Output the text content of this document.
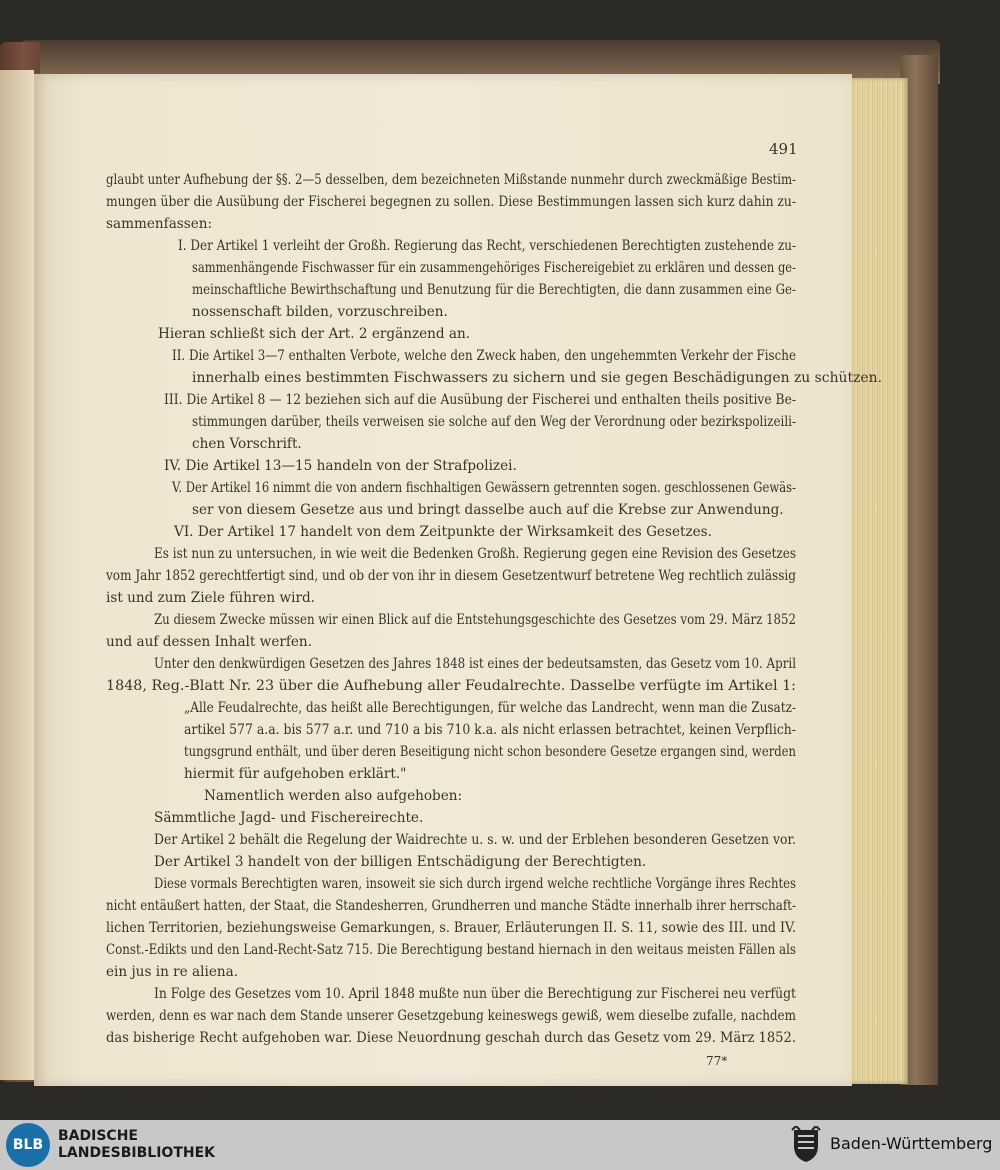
491
glaubt unter Aufhebung der §§. 2—5 desselben, dem bezeichneten Mißstande nunmehr durch zweckmäßige Bestim-
mungen über die Ausübung der Fischerei begegnen zu sollen. Diese Bestimmungen lassen sich kurz dahin zu-
sammenfassen:
I. Der Artikel 1 verleiht der Großh. Regierung das Recht, verschiedenen Berechtigten zustehende zu-
sammenhängende Fischwasser für ein zusammengehöriges Fischereigebiet zu erklären und dessen ge-
meinschaftliche Bewirthschaftung und Benutzung für die Berechtigten, die dann zusammen eine Ge-
nossenschaft bilden, vorzuschreiben.
Hieran schließt sich der Art. 2 ergänzend an.
II. Die Artikel 3—7 enthalten Verbote, welche den Zweck haben, den ungehemmten Verkehr der Fische
innerhalb eines bestimmten Fischwassers zu sichern und sie gegen Beschädigungen zu schützen.
III. Die Artikel 8 — 12 beziehen sich auf die Ausübung der Fischerei und enthalten theils positive Be-
stimmungen darüber, theils verweisen sie solche auf den Weg der Verordnung oder bezirkspolizeili-
chen Vorschrift.
IV. Die Artikel 13—15 handeln von der Strafpolizei.
V. Der Artikel 16 nimmt die von andern fischhaltigen Gewässern getrennten sogen. geschlossenen Gewäs-
ser von diesem Gesetze aus und bringt dasselbe auch auf die Krebse zur Anwendung.
VI. Der Artikel 17 handelt von dem Zeitpunkte der Wirksamkeit des Gesetzes.
Es ist nun zu untersuchen, in wie weit die Bedenken Großh. Regierung gegen eine Revision des Gesetzes
vom Jahr 1852 gerechtfertigt sind, und ob der von ihr in diesem Gesetzentwurf betretene Weg rechtlich zulässig
ist und zum Ziele führen wird.
Zu diesem Zwecke müssen wir einen Blick auf die Entstehungsgeschichte des Gesetzes vom 29. März 1852
und auf dessen Inhalt werfen.
Unter den denkwürdigen Gesetzen des Jahres 1848 ist eines der bedeutsamsten, das Gesetz vom 10. April
1848, Reg.-Blatt Nr. 23 über die Aufhebung aller Feudalrechte. Dasselbe verfügte im Artikel 1:
„Alle Feudalrechte, das heißt alle Berechtigungen, für welche das Landrecht, wenn man die Zusatz-
artikel 577 a.a. bis 577 a.r. und 710 a bis 710 k.a. als nicht erlassen betrachtet, keinen Verpflich-
tungsgrund enthält, und über deren Beseitigung nicht schon besondere Gesetze ergangen sind, werden
hiermit für aufgehoben erklärt."
Namentlich werden also aufgehoben:
Sämmtliche Jagd- und Fischereirechte.
Der Artikel 2 behält die Regelung der Waidrechte u. s. w. und der Erblehen besonderen Gesetzen vor.
Der Artikel 3 handelt von der billigen Entschädigung der Berechtigten.
Diese vormals Berechtigten waren, insoweit sie sich durch irgend welche rechtliche Vorgänge ihres Rechtes
nicht entäußert hatten, der Staat, die Standesherren, Grundherren und manche Städte innerhalb ihrer herrschaft-
lichen Territorien, beziehungsweise Gemarkungen, s. Brauer, Erläuterungen II. S. 11, sowie des III. und IV.
Const.-Edikts und den Land-Recht-Satz 715. Die Berechtigung bestand hiernach in den weitaus meisten Fällen als
ein jus in re aliena.
In Folge des Gesetzes vom 10. April 1848 mußte nun über die Berechtigung zur Fischerei neu verfügt
werden, denn es war nach dem Stande unserer Gesetzgebung keineswegs gewiß, wem dieselbe zufalle, nachdem
das bisherige Recht aufgehoben war. Diese Neuordnung geschah durch das Gesetz vom 29. März 1852.
77*
BLB
BADISCHE
LANDESBIBLIOTHEK	Baden-Württemberg
